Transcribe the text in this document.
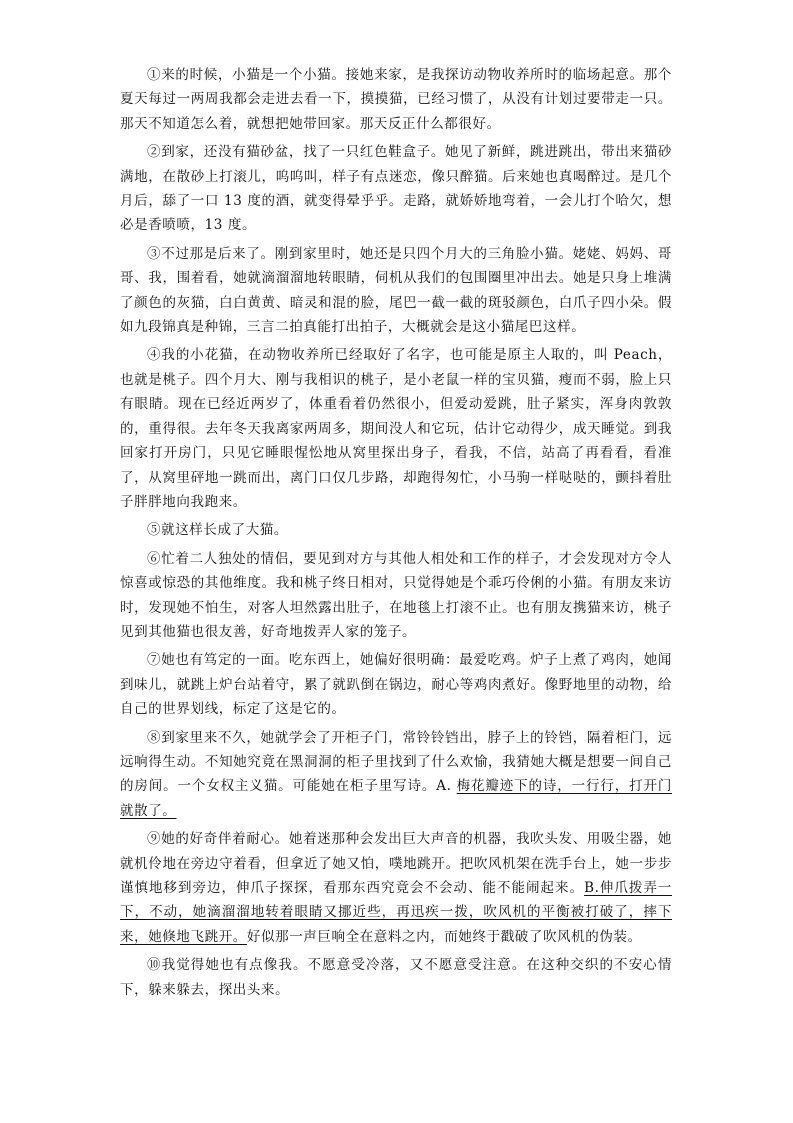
①来的时候，小猫是一个小猫。接她来家，是我探访动物收养所时的临场起意。那个夏天每过一两周我都会走进去看一下，摸摸猫，已经习惯了，从没有计划过要带走一只。那天不知道怎么着，就想把她带回家。那天反正什么都很好。

②到家，还没有猫砂盆，找了一只红色鞋盒子。她见了新鲜，跳进跳出，带出来猫砂满地，在散砂上打滚儿，呜呜叫，样子有点迷恋，像只醉猫。后来她也真喝醉过。是几个月后，舔了一口 13 度的酒，就变得晕乎乎。走路，就娇娇地弯着，一会儿打个哈欠，想必是香喷喷，13 度。

③不过那是后来了。刚到家里时，她还是只四个月大的三角脸小猫。姥姥、妈妈、哥哥、我，围着看，她就滴溜溜地转眼睛，伺机从我们的包围圈里冲出去。她是只身上堆满了颜色的灰猫，白白黄黄、暗灵和混的脸，尾巴一截一截的斑驳颜色，白爪子四小朵。假如九段锦真是种锦，三言二拍真能打出拍子，大概就会是这小猫尾巴这样。

④我的小花猫，在动物收养所已经取好了名字，也可能是原主人取的，叫 Peach，也就是桃子。四个月大、刚与我相识的桃子，是小老鼠一样的宝贝猫，瘦而不弱，脸上只有眼睛。现在已经近两岁了，体重看着仍然很小，但爱动爱跳，肚子紧实，浑身肉敦敦的，重得很。去年冬天我离家两周多，期间没人和它玩，估计它动得少，成天睡觉。到我回家打开房门，只见它睡眼惺忪地从窝里探出身子，看我，不信，站高了再看看，看准了，从窝里砰地一跳而出，离门口仅几步路，却跑得匆忙，小马驹一样哒哒的，颤抖着肚子胖胖地向我跑来。

⑤就这样长成了大猫。

⑥忙着二人独处的情侣，要见到对方与其他人相处和工作的样子，才会发现对方令人惊喜或惊恐的其他维度。我和桃子终日相对，只觉得她是个乖巧伶俐的小猫。有朋友来访时，发现她不怕生，对客人坦然露出肚子，在地毯上打滚不止。也有朋友携猫来访，桃子见到其他猫也很友善，好奇地拨弄人家的笼子。

⑦她也有笃定的一面。吃东西上，她偏好很明确：最爱吃鸡。炉子上煮了鸡肉，她闻到味儿，就跳上炉台站着守，累了就趴倒在锅边，耐心等鸡肉煮好。像野地里的动物，给自己的世界划线，标定了这是它的。

⑧到家里来不久，她就学会了开柜子门，常铃铃铛出，脖子上的铃铛，隔着柜门，远远响得生动。不知她究竟在黑洞洞的柜子里找到了什么欢愉，我猜她大概是想要一间自己的房间。一个女权主义猫。可能她在柜子里写诗。A. 梅花瓣迹下的诗，一行行，打开门就散了。

⑨她的好奇伴着耐心。她着迷那种会发出巨大声音的机器，我吹头发、用吸尘器，她就机伶地在旁边守着看，但拿近了她又怕，噗地跳开。把吹风机架在洗手台上，她一步步谨慎地移到旁边，伸爪子探探，看那东西究竟会不会动、能不能闹起来。B.伸爪拨弄一下，不动，她滴溜溜地转着眼睛又挪近些，再迅疾一拨，吹风机的平衡被打破了，摔下来，她倏地飞跳开。好似那一声巨响全在意料之内，而她终于戳破了吹风机的伪装。

⑩我觉得她也有点像我。不愿意受冷落，又不愿意受注意。在这种交织的不安心情下，躲来躲去，探出头来。
